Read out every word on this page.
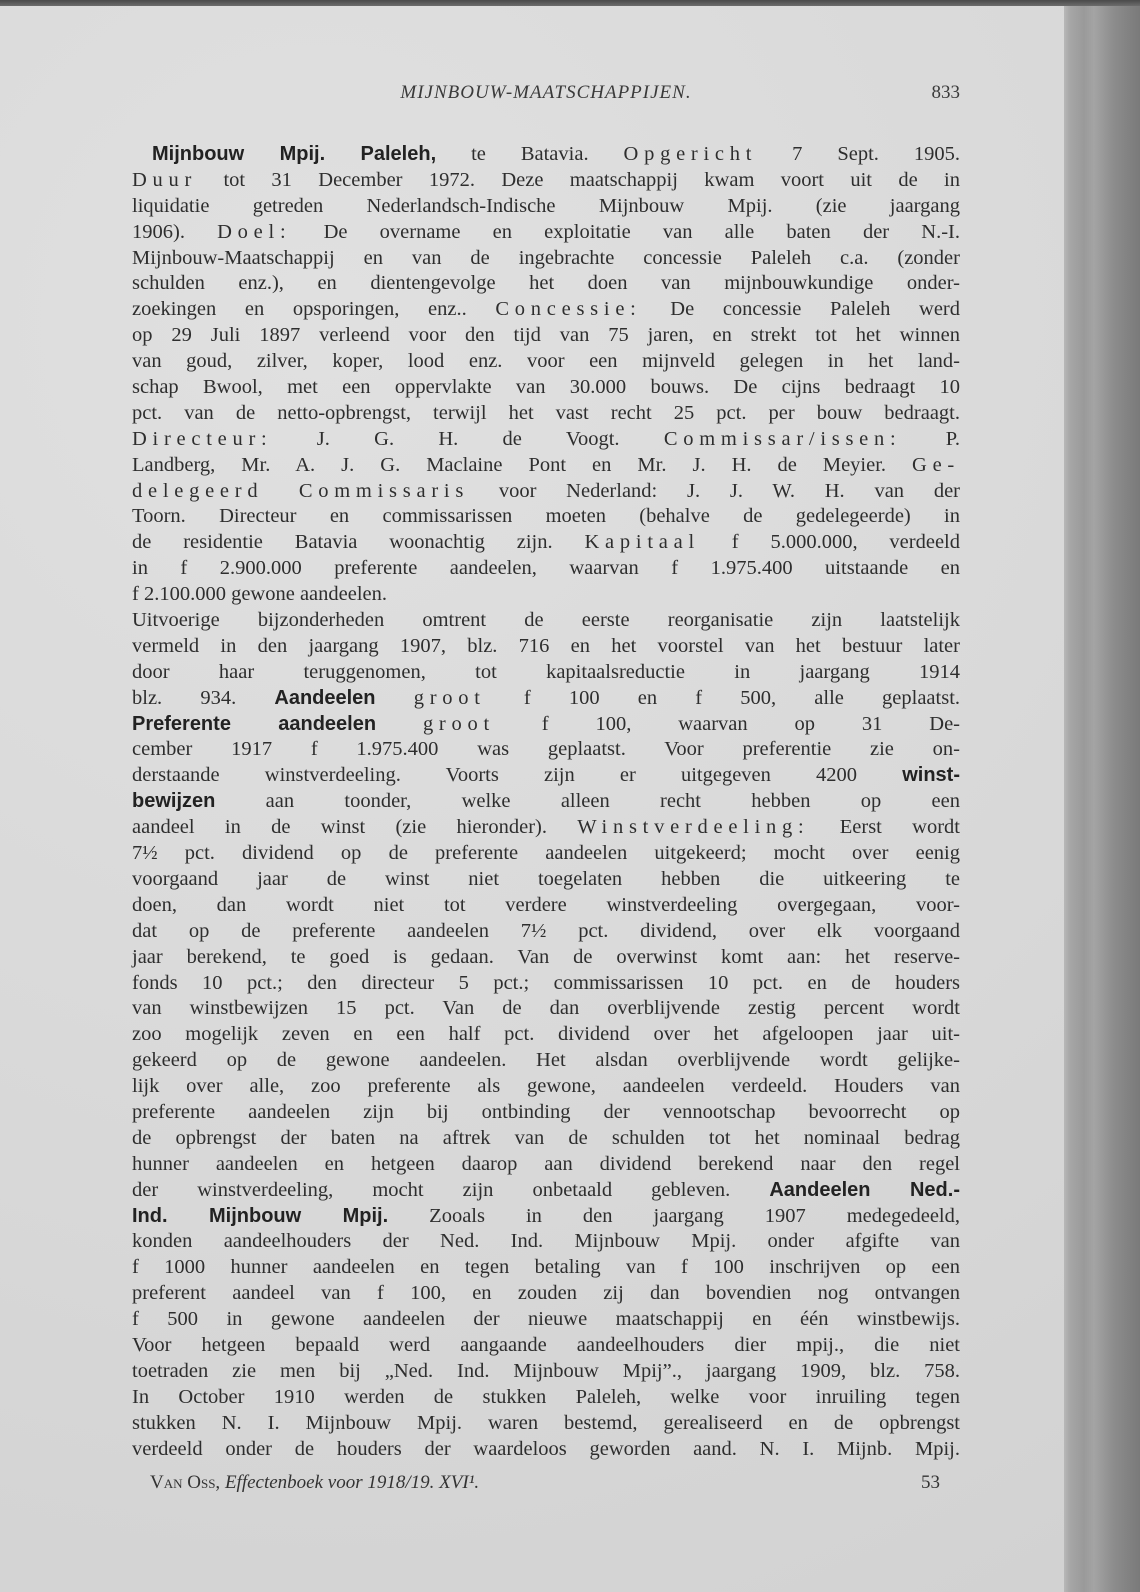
MIJNBOUW-MAATSCHAPPIJEN.	833
Mijnbouw Mpij. Paleleh, te Batavia. Opgericht 7 Sept. 1905.
Duur tot 31 December 1972. Deze maatschappij kwam voort uit de in
liquidatie getreden Nederlandsch-Indische Mijnbouw Mpij. (zie jaargang
1906). Doel: De overname en exploitatie van alle baten der N.-I.
Mijnbouw-Maatschappij en van de ingebrachte concessie Paleleh c.a. (zonder
schulden enz.), en dientengevolge het doen van mijnbouwkundige onder-
zoekingen en opsporingen, enz.. Concessie: De concessie Paleleh werd
op 29 Juli 1897 verleend voor den tijd van 75 jaren, en strekt tot het winnen
van goud, zilver, koper, lood enz. voor een mijnveld gelegen in het land-
schap Bwool, met een oppervlakte van 30.000 bouws. De cijns bedraagt 10
pct. van de netto-opbrengst, terwijl het vast recht 25 pct. per bouw bedraagt.
Directeur: J. G. H. de Voogt. Commissar/issen: P.
Landberg, Mr. A. J. G. Maclaine Pont en Mr. J. H. de Meyier. Ge-
delegeerd Commissaris voor Nederland: J. J. W. H. van der
Toorn. Directeur en commissarissen moeten (behalve de gedelegeerde) in
de residentie Batavia woonachtig zijn. Kapitaal f 5.000.000, verdeeld
in f 2.900.000 preferente aandeelen, waarvan f 1.975.400 uitstaande en
f 2.100.000 gewone aandeelen.
Uitvoerige bijzonderheden omtrent de eerste reorganisatie zijn laatstelijk
vermeld in den jaargang 1907, blz. 716 en het voorstel van het bestuur later
door haar teruggenomen, tot kapitaalsreductie in jaargang 1914
blz. 934. Aandeelen groot f 100 en f 500, alle geplaatst.
Preferente aandeelen groot f 100, waarvan op 31 De-
cember 1917 f 1.975.400 was geplaatst. Voor preferentie zie on-
derstaande winstverdeeling. Voorts zijn er uitgegeven 4200 winst-
bewijzen aan toonder, welke alleen recht hebben op een
aandeel in de winst (zie hieronder). Winstverdeeling: Eerst wordt
7½ pct. dividend op de preferente aandeelen uitgekeerd; mocht over eenig
voorgaand jaar de winst niet toegelaten hebben die uitkeering te
doen, dan wordt niet tot verdere winstverdeeling overgegaan, voor-
dat op de preferente aandeelen 7½ pct. dividend, over elk voorgaand
jaar berekend, te goed is gedaan. Van de overwinst komt aan: het reserve-
fonds 10 pct.; den directeur 5 pct.; commissarissen 10 pct. en de houders
van winstbewijzen 15 pct. Van de dan overblijvende zestig percent wordt
zoo mogelijk zeven en een half pct. dividend over het afgeloopen jaar uit-
gekeerd op de gewone aandeelen. Het alsdan overblijvende wordt gelijke-
lijk over alle, zoo preferente als gewone, aandeelen verdeeld. Houders van
preferente aandeelen zijn bij ontbinding der vennootschap bevoorrecht op
de opbrengst der baten na aftrek van de schulden tot het nominaal bedrag
hunner aandeelen en hetgeen daarop aan dividend berekend naar den regel
der winstverdeeling, mocht zijn onbetaald gebleven. Aandeelen Ned.-
Ind. Mijnbouw Mpij. Zooals in den jaargang 1907 medegedeeld,
konden aandeelhouders der Ned. Ind. Mijnbouw Mpij. onder afgifte van
f 1000 hunner aandeelen en tegen betaling van f 100 inschrijven op een
preferent aandeel van f 100, en zouden zij dan bovendien nog ontvangen
f 500 in gewone aandeelen der nieuwe maatschappij en één winstbewijs.
Voor hetgeen bepaald werd aangaande aandeelhouders dier mpij., die niet
toetraden zie men bij „Ned. Ind. Mijnbouw Mpij”., jaargang 1909, blz. 758.
In October 1910 werden de stukken Paleleh, welke voor inruiling tegen
stukken N. I. Mijnbouw Mpij. waren bestemd, gerealiseerd en de opbrengst
verdeeld onder de houders der waardeloos geworden aand. N. I. Mijnb. Mpij.
Van Oss, Effectenboek voor 1918/19. XVI¹.	53
